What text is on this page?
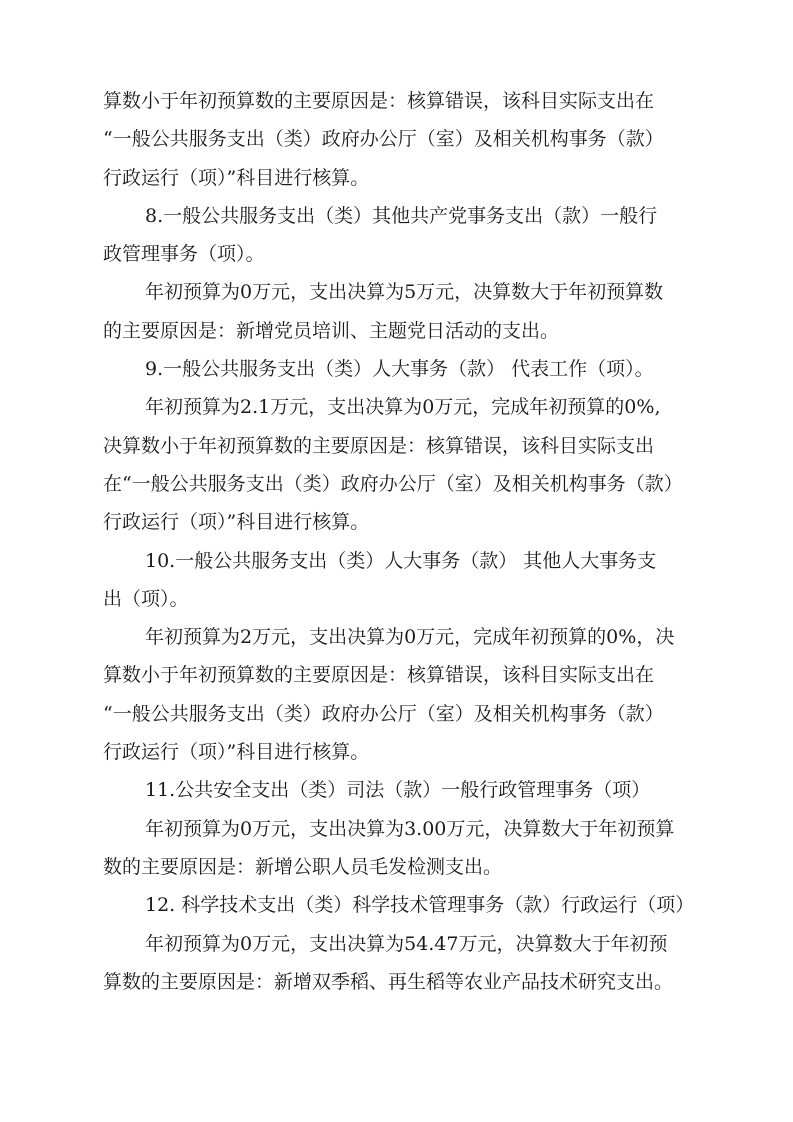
算数小于年初预算数的主要原因是：核算错误，该科目实际支出在
“一般公共服务支出（类）政府办公厅（室）及相关机构事务（款）
行政运行（项）”科目进行核算。
8.一般公共服务支出（类）其他共产党事务支出（款）一般行
政管理事务（项）。
年初预算为0万元，支出决算为5万元，决算数大于年初预算数
的主要原因是：新增党员培训、主题党日活动的支出。
9.一般公共服务支出（类）人大事务（款） 代表工作（项）。
年初预算为2.1万元，支出决算为0万元，完成年初预算的0%,
决算数小于年初预算数的主要原因是：核算错误，该科目实际支出
在“一般公共服务支出（类）政府办公厅（室）及相关机构事务（款）
行政运行（项）”科目进行核算。
10.一般公共服务支出（类）人大事务（款） 其他人大事务支
出（项）。
年初预算为2万元，支出决算为0万元，完成年初预算的0%，决
算数小于年初预算数的主要原因是：核算错误，该科目实际支出在
“一般公共服务支出（类）政府办公厅（室）及相关机构事务（款）
行政运行（项）”科目进行核算。
11.公共安全支出（类）司法（款）一般行政管理事务（项）
年初预算为0万元，支出决算为3.00万元，决算数大于年初预算
数的主要原因是：新增公职人员毛发检测支出。
12. 科学技术支出（类）科学技术管理事务（款）行政运行（项）
年初预算为0万元，支出决算为54.47万元，决算数大于年初预
算数的主要原因是：新增双季稻、再生稻等农业产品技术研究支出。
